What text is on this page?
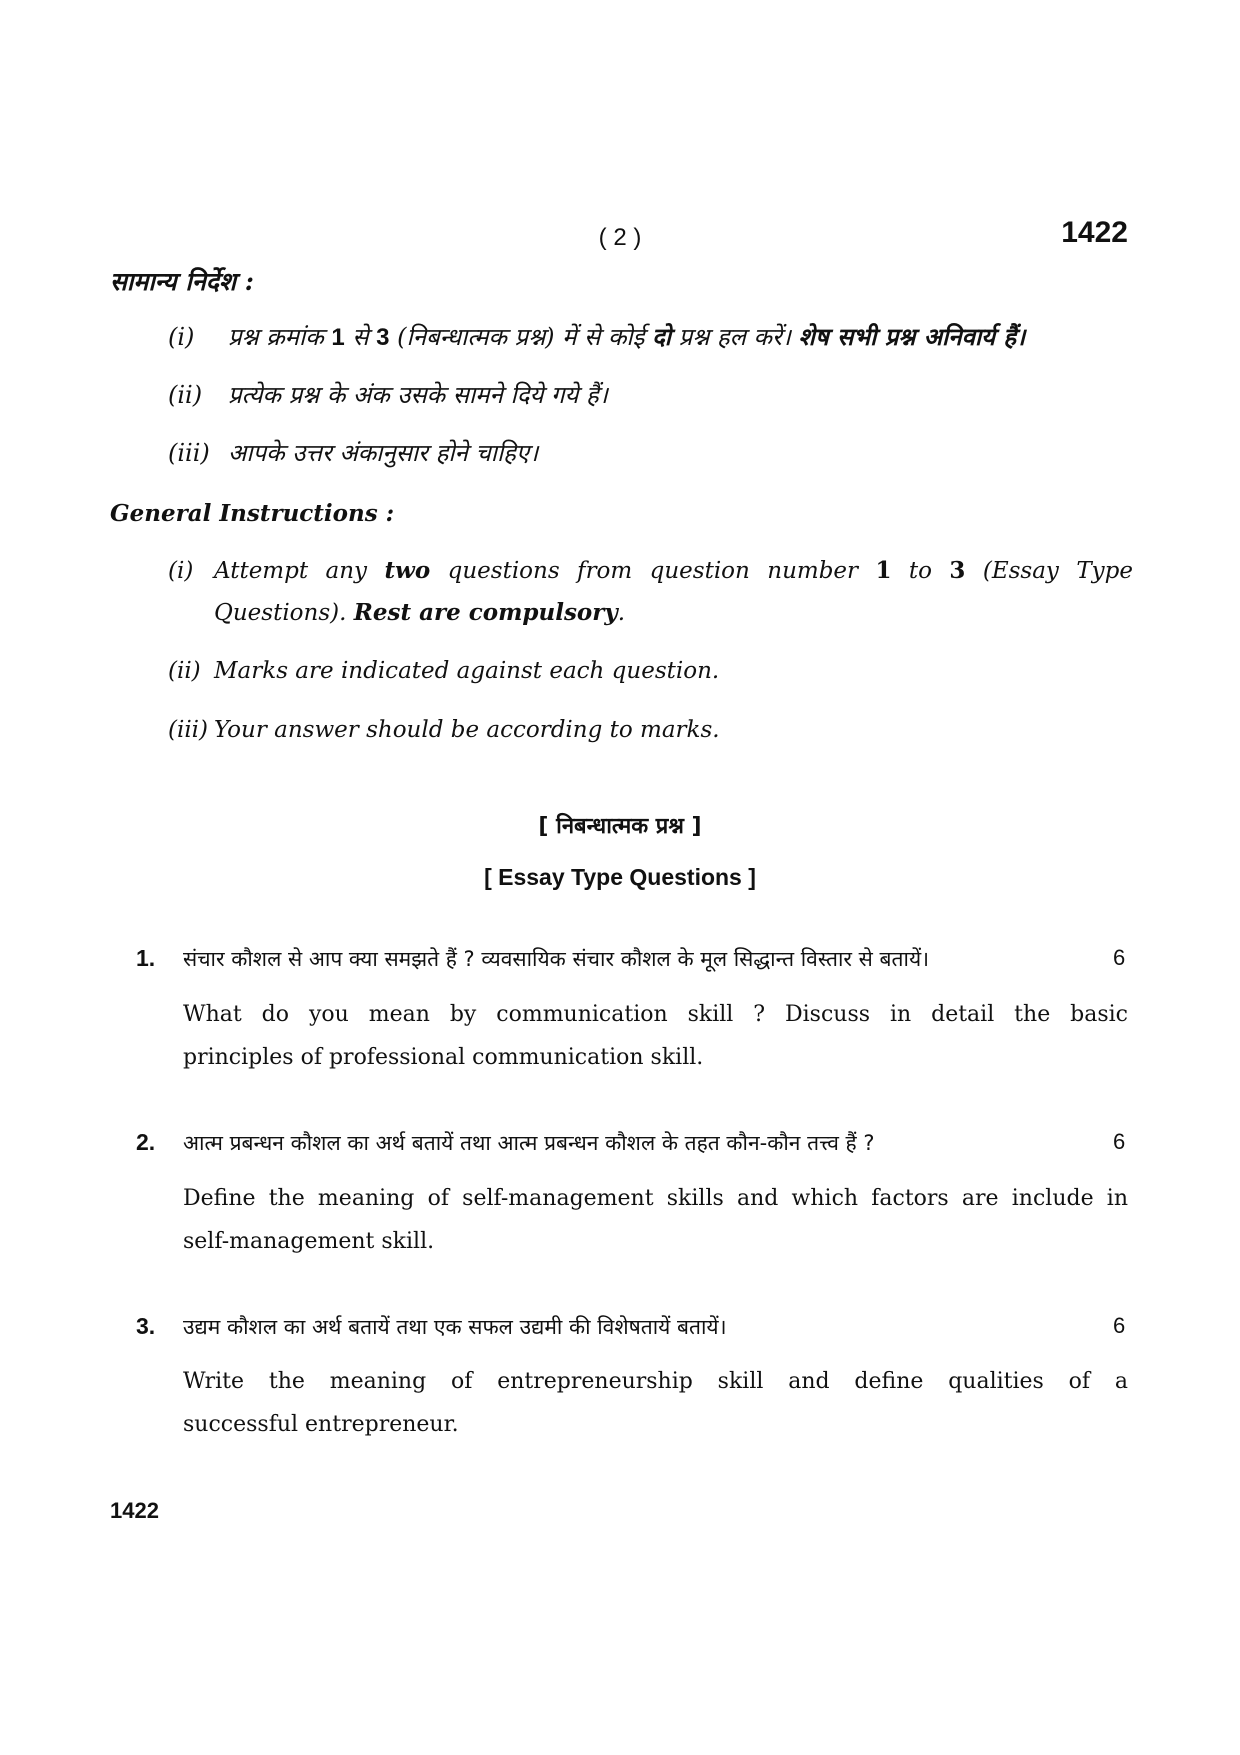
( 2 )	1422
सामान्य निर्देश :
(i) प्रश्न क्रमांक 1 से 3 (निबन्धात्मक प्रश्न) में से कोई दो प्रश्न हल करें। शेष सभी प्रश्न अनिवार्य हैं।
(ii) प्रत्येक प्रश्न के अंक उसके सामने दिये गये हैं।
(iii) आपके उत्तर अंकानुसार होने चाहिए।
General Instructions :
(i) Attempt any two questions from question number 1 to 3 (Essay Type
Questions). Rest are compulsory.
(ii) Marks are indicated against each question.
(iii) Your answer should be according to marks.
[ निबन्धात्मक प्रश्न ]
[ Essay Type Questions ]
1. संचार कौशल से आप क्या समझते हैं ? व्यवसायिक संचार कौशल के मूल सिद्धान्त विस्तार से बतायें।	6
What do you mean by communication skill ? Discuss in detail the basic
principles of professional communication skill.
2. आत्म प्रबन्धन कौशल का अर्थ बतायें तथा आत्म प्रबन्धन कौशल के तहत कौन-कौन तत्त्व हैं ?	6
Define the meaning of self-management skills and which factors are include in
self-management skill.
3. उद्यम कौशल का अर्थ बतायें तथा एक सफल उद्यमी की विशेषतायें बतायें।	6
Write the meaning of entrepreneurship skill and define qualities of a
successful entrepreneur.
1422
